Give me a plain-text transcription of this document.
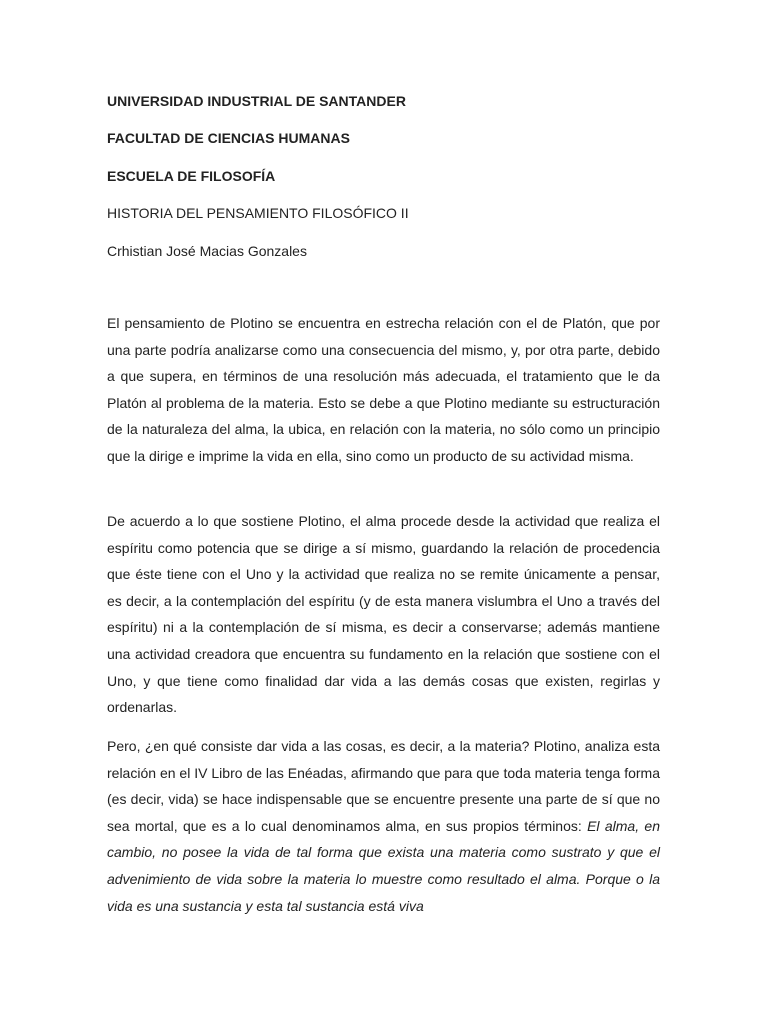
UNIVERSIDAD INDUSTRIAL DE SANTANDER

FACULTAD DE CIENCIAS HUMANAS

ESCUELA DE FILOSOFÍA

HISTORIA DEL PENSAMIENTO FILOSÓFICO II

Crhistian José Macias Gonzales

El pensamiento de Plotino se encuentra en estrecha relación con el de Platón, que por una parte podría analizarse como una consecuencia del mismo, y, por otra parte, debido a que supera, en términos de una resolución más adecuada, el tratamiento que le da Platón al problema de la materia. Esto se debe a que Plotino mediante su estructuración de la naturaleza del alma, la ubica, en relación con la materia, no sólo como un principio que la dirige e imprime la vida en ella, sino como un producto de su actividad misma.

De acuerdo a lo que sostiene Plotino, el alma procede desde la actividad que realiza el espíritu como potencia que se dirige a sí mismo, guardando la relación de procedencia que éste tiene con el Uno y la actividad que realiza no se remite únicamente a pensar, es decir, a la contemplación del espíritu (y de esta manera vislumbra el Uno a través del espíritu) ni a la contemplación de sí misma, es decir a conservarse; además mantiene una actividad creadora que encuentra su fundamento en la relación que sostiene con el Uno, y que tiene como finalidad dar vida a las demás cosas que existen, regirlas y ordenarlas.

Pero, ¿en qué consiste dar vida a las cosas, es decir, a la materia? Plotino, analiza esta relación en el IV Libro de las Enéadas, afirmando que para que toda materia tenga forma (es decir, vida) se hace indispensable que se encuentre presente una parte de sí que no sea mortal, que es a lo cual denominamos alma, en sus propios términos: El alma, en cambio, no posee la vida de tal forma que exista una materia como sustrato y que el advenimiento de vida sobre la materia lo muestre como resultado el alma. Porque o la vida es una sustancia y esta tal sustancia está viva
